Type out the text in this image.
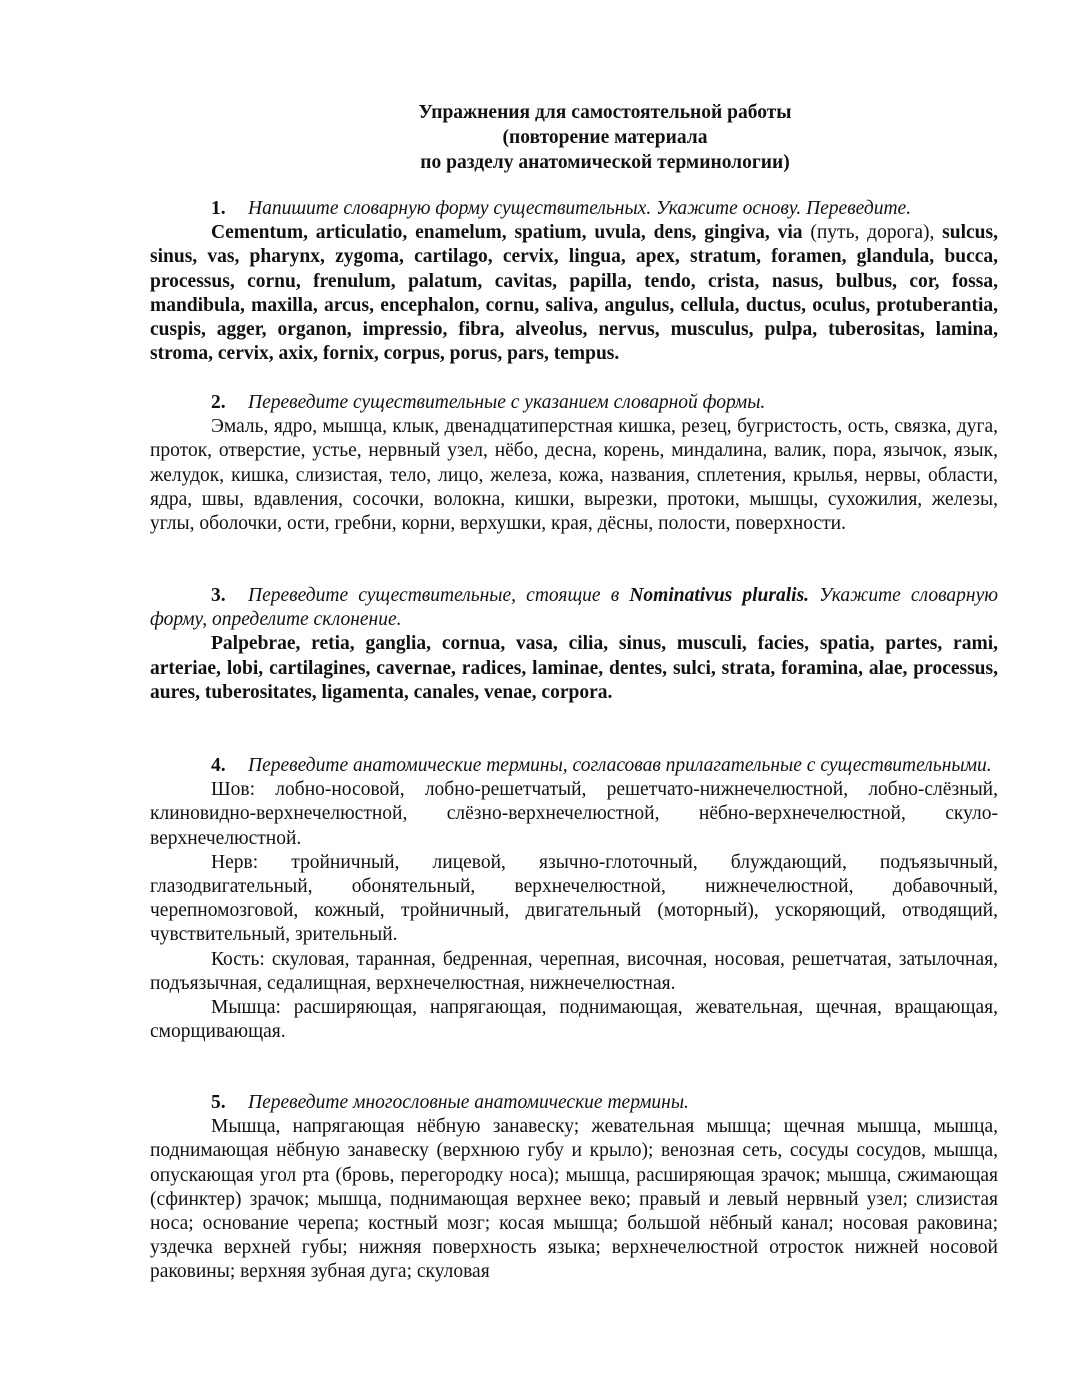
Упражнения для самостоятельной работы
(повторение материала
по разделу анатомической терминологии)

1. Напишите словарную форму существительных. Укажите основу. Переведите.

Cementum, articulatio, enamelum, spatium, uvula, dens, gingiva, via (путь, дорога), sulcus, sinus, vas, pharynx, zygoma, cartilago, cervix, lingua, apex, stratum, foramen, glandula, bucca, processus, cornu, frenulum, palatum, cavitas, papilla, tendo, crista, nasus, bulbus, cor, fossa, mandibula, maxilla, arcus, encephalon, cornu, saliva, angulus, cellula, ductus, oculus, protuberantia, cuspis, agger, organon, impressio, fibra, alveolus, nervus, musculus, pulpa, tuberositas, lamina, stroma, cervix, axix, fornix, corpus, porus, pars, tempus.

2. Переведите существительные с указанием словарной формы.

Эмаль, ядро, мышца, клык, двенадцатиперстная кишка, резец, бугристость, ость, связка, дуга, проток, отверстие, устье, нервный узел, нёбо, десна, корень, миндалина, валик, пора, язычок, язык, желудок, кишка, слизистая, тело, лицо, железа, кожа, названия, сплетения, крылья, нервы, области, ядра, швы, вдавления, сосочки, волокна, кишки, вырезки, протоки, мышцы, сухожилия, железы, углы, оболочки, ости, гребни, корни, верхушки, края, дёсны, полости, поверхности.

3. Переведите существительные, стоящие в Nominativus pluralis. Укажите словарную форму, определите склонение.

Palpebrae, retia, ganglia, cornua, vasa, cilia, sinus, musculi, facies, spatia, partes, rami, arteriae, lobi, cartilagines, cavernae, radices, laminae, dentes, sulci, strata, foramina, alae, processus, aures, tuberositates, ligamenta, canales, venae, corpora.

4. Переведите анатомические термины, согласовав прилагательные с существительными.

Шов: лобно-носовой, лобно-решетчатый, решетчато-нижнечелюстной, лобно-слёзный, клиновидно-верхнечелюстной, слёзно-верхнечелюстной, нёбно-верхнечелюстной, скуло-верхнечелюстной.

Нерв: тройничный, лицевой, язычно-глоточный, блуждающий, подъязычный, глазодвигательный, обонятельный, верхнечелюстной, нижнечелюстной, добавочный, черепномозговой, кожный, тройничный, двигательный (моторный), ускоряющий, отводящий, чувствительный, зрительный.

Кость: скуловая, таранная, бедренная, черепная, височная, носовая, решетчатая, затылочная, подъязычная, седалищная, верхнечелюстная, нижнечелюстная.

Мышца: расширяющая, напрягающая, поднимающая, жевательная, щечная, вращающая, сморщивающая.

5. Переведите многословные анатомические термины.

Мышца, напрягающая нёбную занавеску; жевательная мышца; щечная мышца, мышца, поднимающая нёбную занавеску (верхнюю губу и крыло); венозная сеть, сосуды сосудов, мышца, опускающая угол рта (бровь, перегородку носа); мышца, расширяющая зрачок; мышца, сжимающая (сфинктер) зрачок; мышца, поднимающая верхнее веко; правый и левый нервный узел; слизистая носа; основание черепа; костный мозг; косая мышца; большой нёбный канал; носовая раковина; уздечка верхней губы; нижняя поверхность языка; верхнечелюстной отросток нижней носовой раковины; верхняя зубная дуга; скуловая
